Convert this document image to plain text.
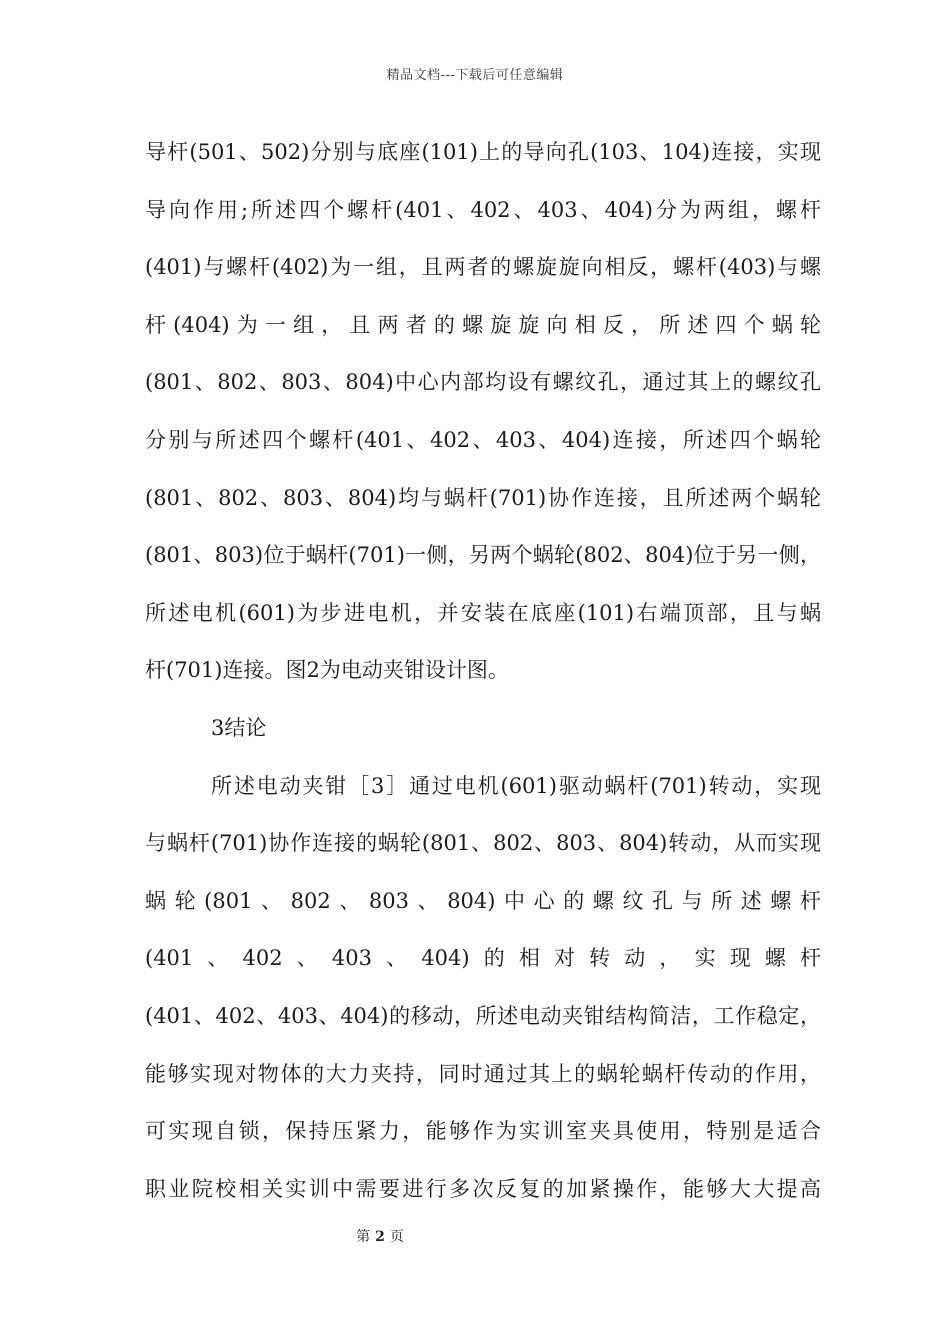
精品文档---下载后可任意编辑
导杆(501、502)分别与底座(101)上的导向孔(103、104)连接，实现
导向作用;所述四个螺杆(401、402、403、404)分为两组，螺杆
(401)与螺杆(402)为一组，且两者的螺旋旋向相反，螺杆(403)与螺
杆(404)为一组，且两者的螺旋旋向相反，所述四个蜗轮
(801、802、803、804)中心内部均设有螺纹孔，通过其上的螺纹孔
分别与所述四个螺杆(401、402、403、404)连接，所述四个蜗轮
(801、802、803、804)均与蜗杆(701)协作连接，且所述两个蜗轮
(801、803)位于蜗杆(701)一侧，另两个蜗轮(802、804)位于另一侧，
所述电机(601)为步进电机，并安装在底座(101)右端顶部，且与蜗
杆(701)连接。图2为电动夹钳设计图。
3结论
所述电动夹钳［3］通过电机(601)驱动蜗杆(701)转动，实现
与蜗杆(701)协作连接的蜗轮(801、802、803、804)转动，从而实现
蜗轮(801、802、803、804)中心的螺纹孔与所述螺杆
(401、402、403、404)的相对转动，实现螺杆
(401、402、403、404)的移动，所述电动夹钳结构简洁，工作稳定，
能够实现对物体的大力夹持，同时通过其上的蜗轮蜗杆传动的作用，
可实现自锁，保持压紧力，能够作为实训室夹具使用，特别是适合
职业院校相关实训中需要进行多次反复的加紧操作，能够大大提高
第 2 页
